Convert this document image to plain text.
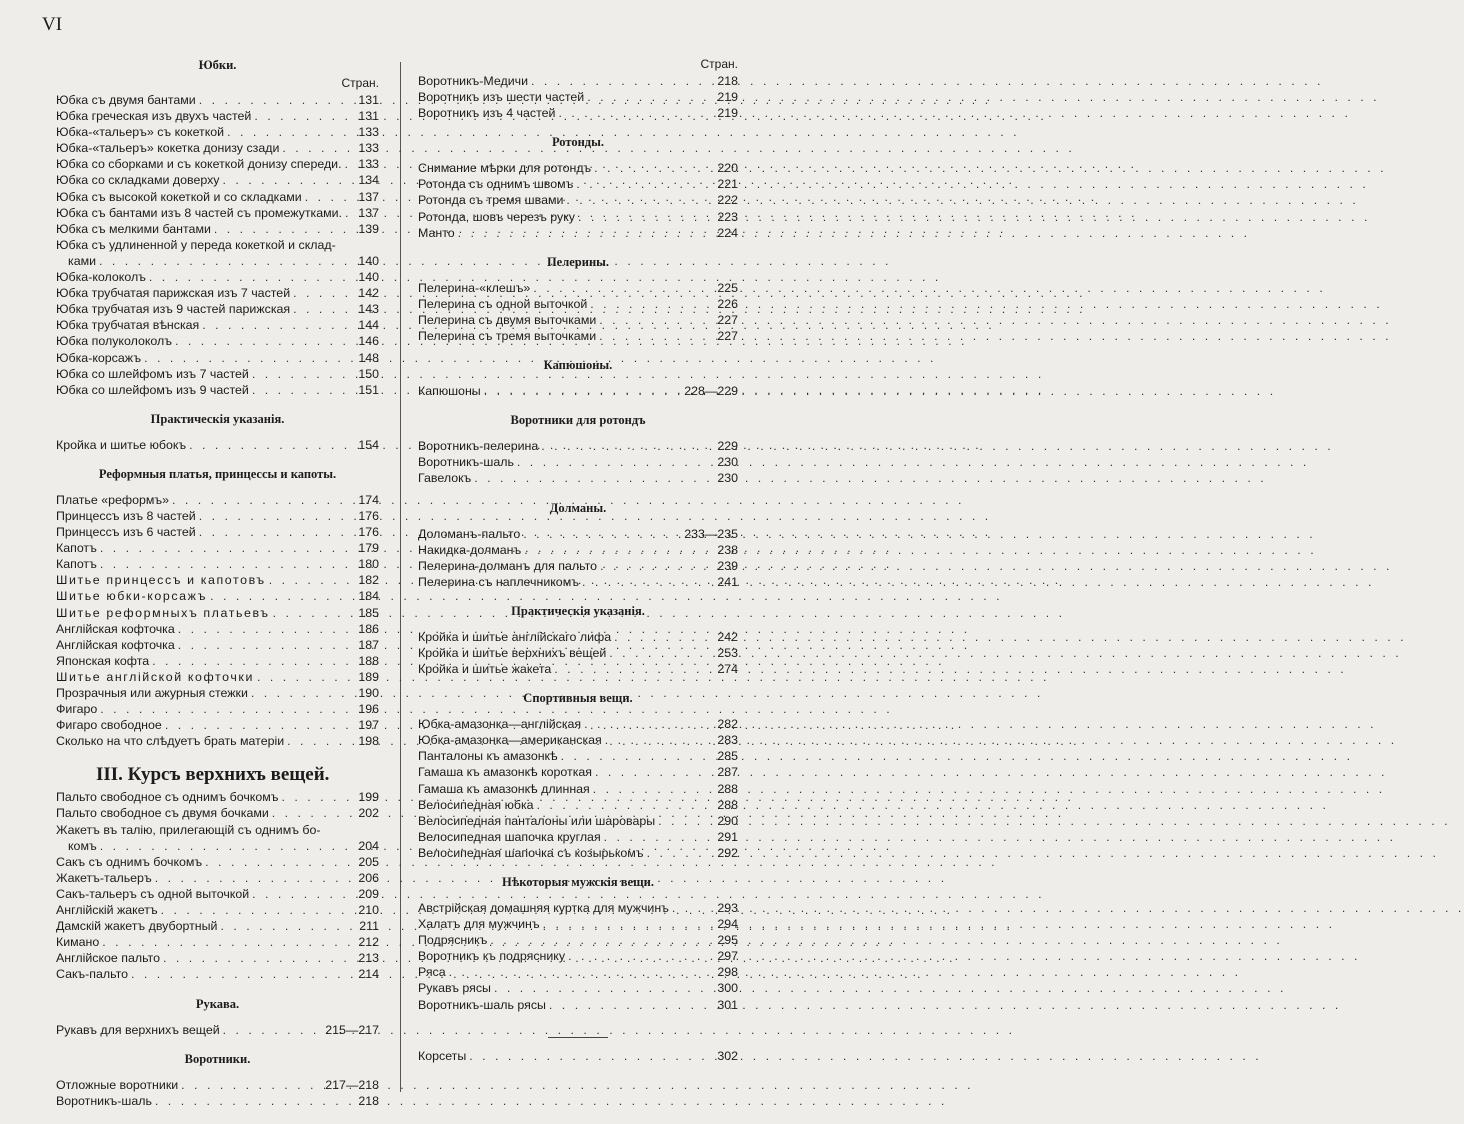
VI
Юбки.
Стран.
Юбка съ двумя бантами . . .	131
Юбка греческая изъ двухъ частей . . .	131
Юбка-«тальеръ» съ кокеткой . . .	133
Юбка-«тальеръ» кокетка донизу сзади . . .	133
Юбка со сборками и съ кокеткой донизу спереди. . . . 133
Юбка со складками доверху . . .	134
Юбка съ высокой кокеткой и со складками . . .	137
Юбка съ бантами изъ 8 частей съ промежутками. . . . 137
Юбка съ мелкими бантами . . .	139
Юбка съ удлиненной у переда кокеткой и склад-
ками . . .	140
Юбка-колоколъ . . .	140
Юбка трубчатая парижская изъ 7 частей . . .	142
Юбка трубчатая изъ 9 частей парижская . . .	143
Юбка трубчатая вѣнская . . .	144
Юбка полуколоколъ . . .	146
Юбка-корсажъ . . .	148
Юбка со шлейфомъ изъ 7 частей . . .	150
Юбка со шлейфомъ изъ 9 частей . . .	151
Практическія указанія.
Кройка и шитье юбокъ . . .	154
Реформныя платья, принцессы и капоты.
Платье «реформъ» . . .	174
Принцессъ изъ 8 частей . . .	176
Принцессъ изъ 6 частей . . .	176
Капотъ . . .	179
Капотъ . . .	180
Шитье принцессъ и капотовъ . . .	182
Шитье юбки-корсажъ . . .	184
Шитье реформныхъ платьевъ . . .	185
Англійская кофточка . . .	186
Англійская кофточка . . .	187
Японская кофта . . .	188
Шитье англійской кофточки . . .	189
Прозрачныя или ажурныя стежки . . .	190
Фигаро . . .	196
Фигаро свободное . . .	197
Сколько на что слѣдуетъ брать матеріи . . .	198
III. Курсъ верхнихъ вещей.
Пальто свободное съ однимъ бочкомъ . . .	199
Пальто свободное съ двумя бочками . . .	202
Жакетъ въ талію, прилегающій съ однимъ бо-
комъ . . .	204
Сакъ съ однимъ бочкомъ . . .	205
Жакетъ-тальеръ . . .	206
Сакъ-тальеръ съ одной выточкой . . .	209
Англійскій жакетъ . . .	210
Дамскій жакетъ двубортный . . .	211
Кимано . . .	212
Англійское пальто . . .	213
Сакъ-пальто . . .	214
Рукава.
Рукавъ для верхнихъ вещей . . .	215—217
Воротники.
Отложные воротники . . .	217—218
Воротникъ-шаль . . .	218
Стран.
Воротникъ-Медичи . . .	218
Воротникъ изъ шести частей . . .	219
Воротникъ изъ 4 частей . . .	219
Ротонды.
Снимание мѣрки для ротондъ . . .	220
Ротонда съ однимъ швомъ . . .	221
Ротонда съ тремя швами . . .	222
Ротонда, шовъ черезъ руку . . .	223
Манто . . .	224
Пелерины.
Пелерина-«клешъ» . . .	225
Пелерина съ одной выточкой . . .	226
Пелерина съ двумя выточками . . .	227
Пелерина съ тремя выточками . . .	227
Капюшоны.
Капюшоны . . .	228—229
Воротники для ротондъ
Воротникъ-пелерина . . .	229
Воротникъ-шаль . . .	230
Гавелокъ . . .	230
Долманы.
Доломанъ-пальто . . .	233—235
Накидка-долманъ . . .	238
Пелерина-долманъ для пальто . . .	239
Пелерина съ наплечникомъ . . .	241
Практическія указанія.
Кройка и шитье англійскаго лифа . . .	242
Кройка и шитье верхнихъ вещей . . .	253
Кройка и шитье жакета . . .	274
Спортивныя вещи.
Юбка-амазонка—англійская . . .	282
Юбка-амазонка—американская . . .	283
Панталоны къ амазонкѣ . . .	285
Гамаша къ амазонкѣ короткая . . .	287
Гамаша къ амазонкѣ длинная . . .	288
Велосипедная юбка . . .	288
Велосипедная панталоны или шаровары . . .	290
Велосипедная шапочка круглая . . .	291
Велосипедная шапочка съ козырькомъ . . .	292
Нѣкоторыя мужскія вещи.
Австрійская домашняя куртка для мужчинъ . . .	293
Халатъ для мужчинъ . . .	294
Подрясникъ . . .	295
Воротникъ къ подряснику . . .	297
Ряса . . .	298
Рукавъ рясы . . .	300
Воротникъ-шаль рясы . . .	301
Корсеты . . .	302
